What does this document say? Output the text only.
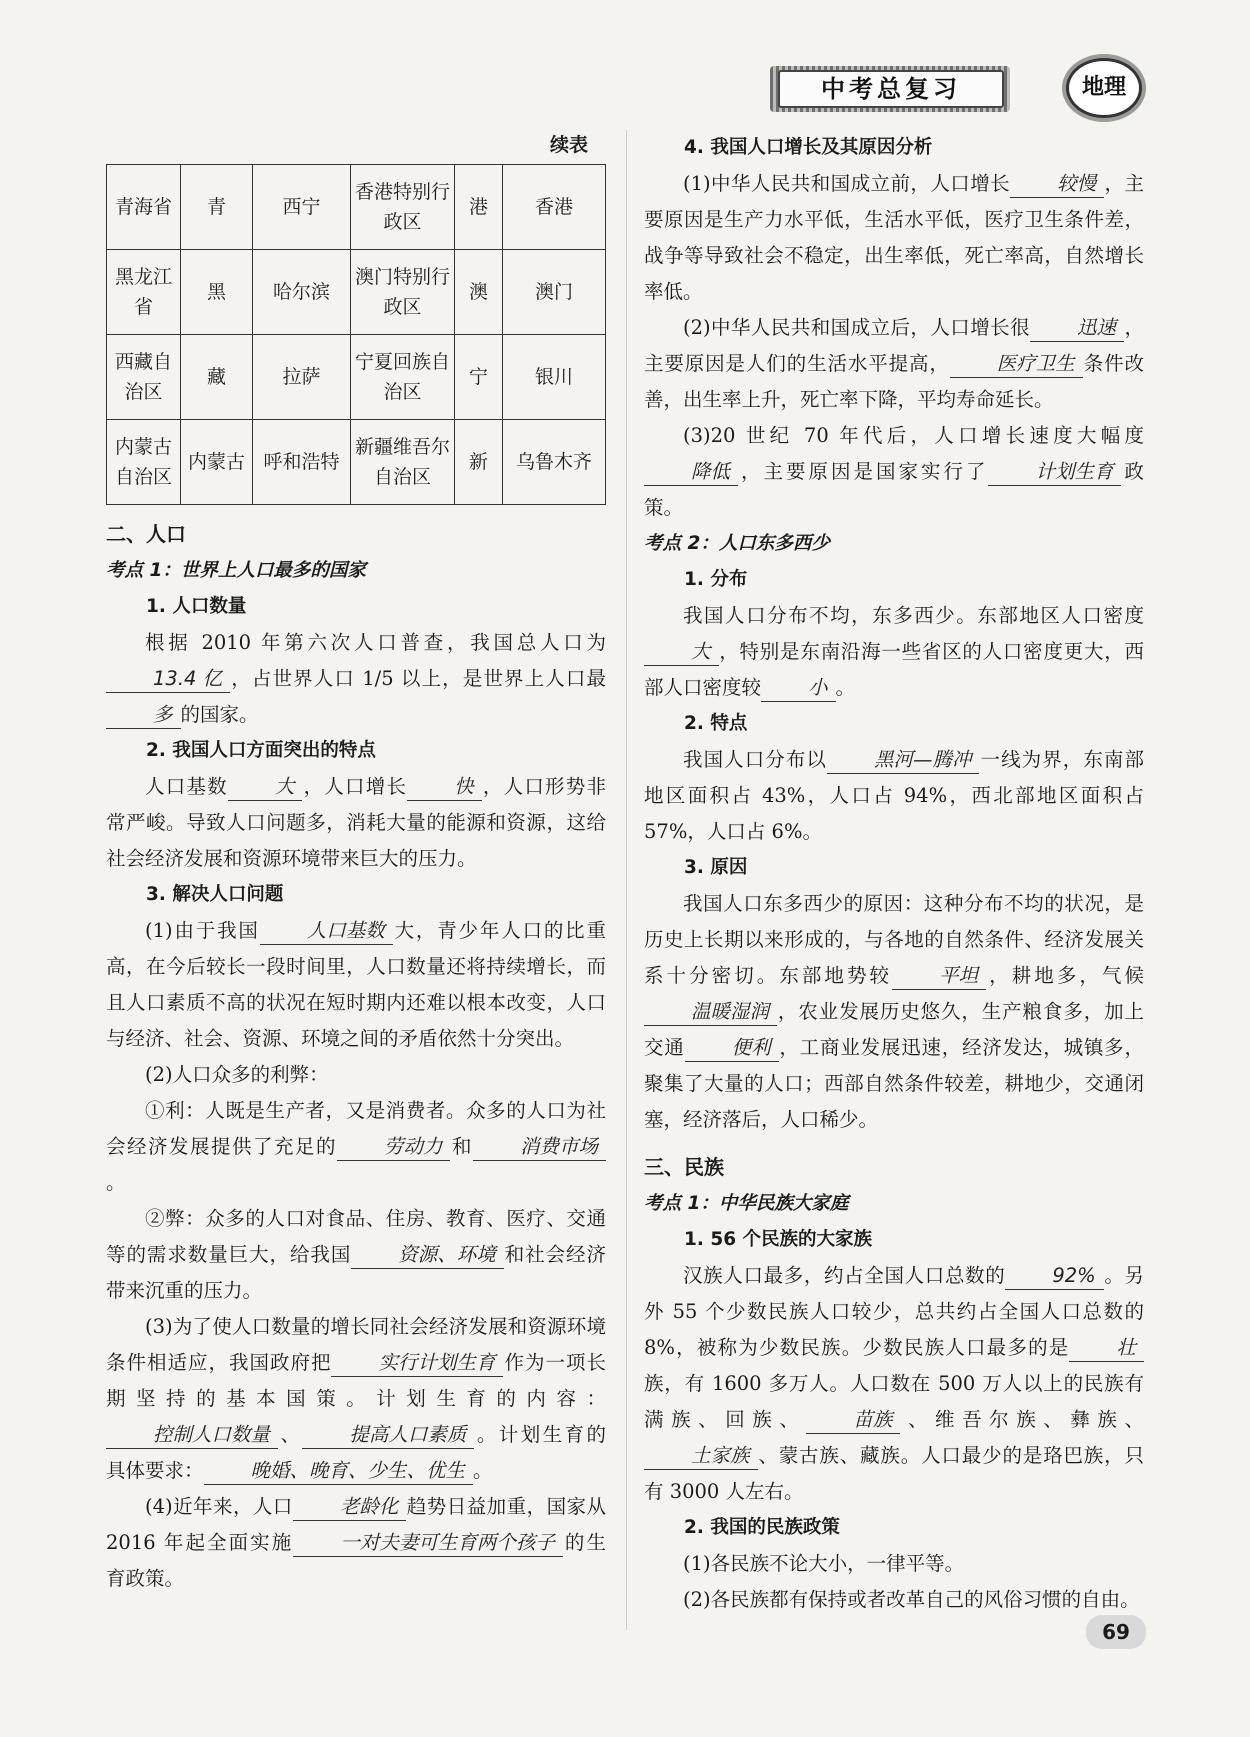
中考总复习	地理
续表
青海省	青	西宁	香港特别行政区	港	香港
黑龙江省	黑	哈尔滨	澳门特别行政区	澳	澳门
西藏自治区	藏	拉萨	宁夏回族自治区	宁	银川
内蒙古自治区	内蒙古	呼和浩特	新疆维吾尔自治区	新	乌鲁木齐
二、人口
考点 1：世界上人口最多的国家
1. 人口数量

根据 2010 年第六次人口普查，我国总人口为13.4 亿 ，占世界人口 1/5 以上，是世界上人口最多 的国家。

2. 我国人口方面突出的特点

人口基数 大 ，人口增长 快 ，人口形势非常严峻。导致人口问题多，消耗大量的能源和资源，这给社会经济发展和资源环境带来巨大的压力。

3. 解决人口问题

(1)由于我国 人口基数 大，青少年人口的比重高，在今后较长一段时间里，人口数量还将持续增长，而且人口素质不高的状况在短时期内还难以根本改变，人口与经济、社会、资源、环境之间的矛盾依然十分突出。

(2)人口众多的利弊：

①利：人既是生产者，又是消费者。众多的人口为社会经济发展提供了充足的 劳动力 和 消费市场。

②弊：众多的人口对食品、住房、教育、医疗、交通等的需求数量巨大，给我国 资源、环境 和社会经济带来沉重的压力。

(3)为了使人口数量的增长同社会经济发展和资源环境条件相适应，我国政府把 实行计划生育 作为一项长期坚持的基本国策。计划生育的内容：控制人口数量 、 提高人口素质 。计划生育的具体要求： 晚婚、晚育、少生、优生 。

(4)近年来，人口 老龄化 趋势日益加重，国家从 2016 年起全面实施 一对夫妻可生育两个孩子 的生育政策。

4. 我国人口增长及其原因分析

(1)中华人民共和国成立前，人口增长 较慢 ，主要原因是生产力水平低，生活水平低，医疗卫生条件差，战争等导致社会不稳定，出生率低，死亡率高，自然增长率低。

(2)中华人民共和国成立后，人口增长很 迅速 ，主要原因是人们的生活水平提高， 医疗卫生 条件改善，出生率上升，死亡率下降，平均寿命延长。

(3)20 世纪 70 年代后，人口增长速度大幅度降低 ，主要原因是国家实行了 计划生育 政策。

考点 2：人口东多西少
1. 分布

我国人口分布不均，东多西少。东部地区人口密度大 ，特别是东南沿海一些省区的人口密度更大，西部人口密度较 小 。

2. 特点

我国人口分布以 黑河—腾冲 一线为界，东南部地区面积占 43%，人口占 94%，西北部地区面积占 57%，人口占 6%。

3. 原因

我国人口东多西少的原因：这种分布不均的状况，是历史上长期以来形成的，与各地的自然条件、经济发展关系十分密切。东部地势较 平坦 ，耕地多，气候温暖湿润 ，农业发展历史悠久，生产粮食多，加上交通 便利 ，工商业发展迅速，经济发达，城镇多，聚集了大量的人口；西部自然条件较差，耕地少，交通闭塞，经济落后，人口稀少。

三、民族
考点 1：中华民族大家庭
1. 56 个民族的大家族

汉族人口最多，约占全国人口总数的 92% 。另外 55 个少数民族人口较少，总共约占全国人口总数的 8%，被称为少数民族。少数民族人口最多的是 壮族，有 1600 多万人。人口数在 500 万人以上的民族有满族、回族、 苗族 、维吾尔族、彝族、土家族 、蒙古族、藏族。人口最少的是珞巴族，只有 3000 人左右。

2. 我国的民族政策

(1)各民族不论大小，一律平等。

(2)各民族都有保持或者改革自己的风俗习惯的自由。

69
